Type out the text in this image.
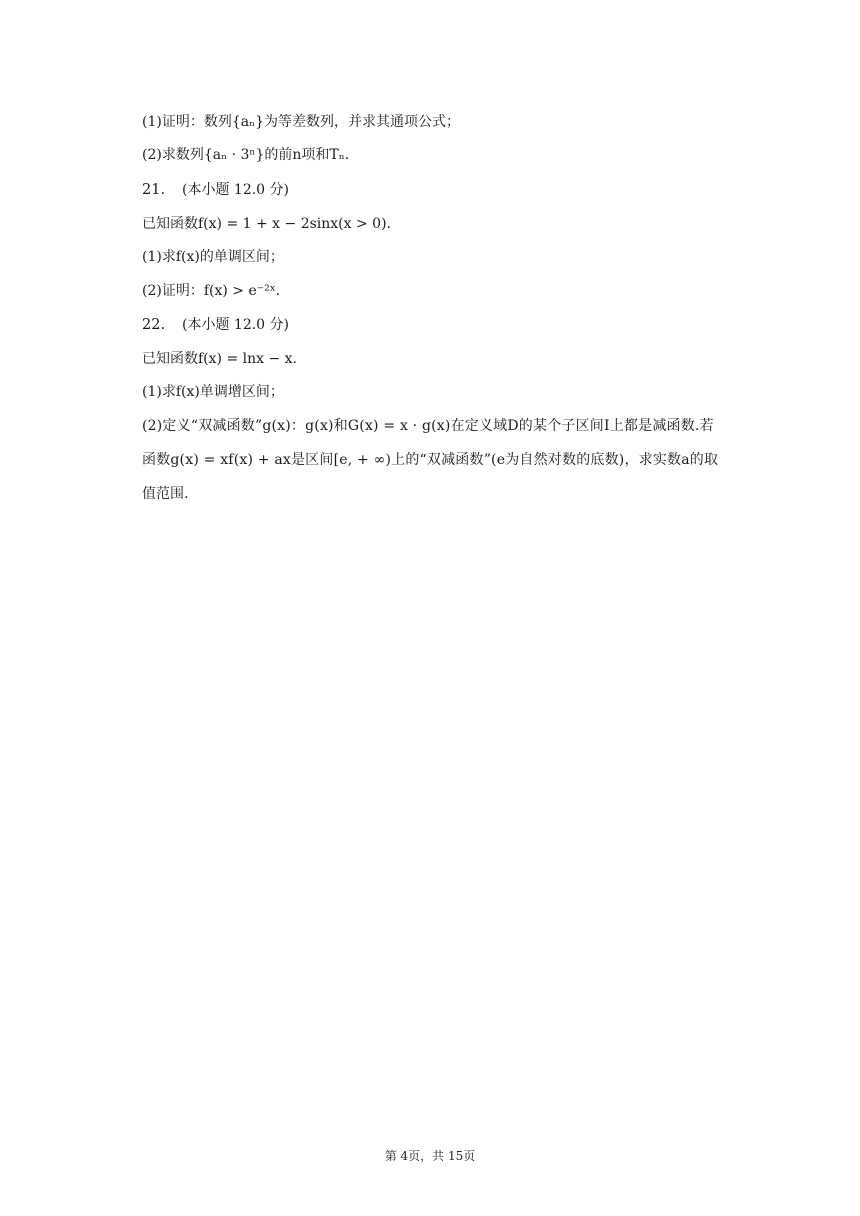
(1)证明：数列{aₙ}为等差数列，并求其通项公式；
(2)求数列{aₙ · 3ⁿ}的前n项和Tₙ.
21. (本小题 12.0 分)
已知函数f(x) = 1 + x − 2sinx(x > 0).
(1)求f(x)的单调区间；
(2)证明：f(x) > e⁻²ˣ.
22. (本小题 12.0 分)
已知函数f(x) = lnx − x.
(1)求f(x)单调增区间；
(2)定义“双减函数”g(x)：g(x)和G(x) = x · g(x)在定义域D的某个子区间I上都是减函数.若
函数g(x) = xf(x) + ax是区间[e, + ∞)上的“双减函数”(e为自然对数的底数)，求实数a的取
值范围.
第 4页，共 15页
